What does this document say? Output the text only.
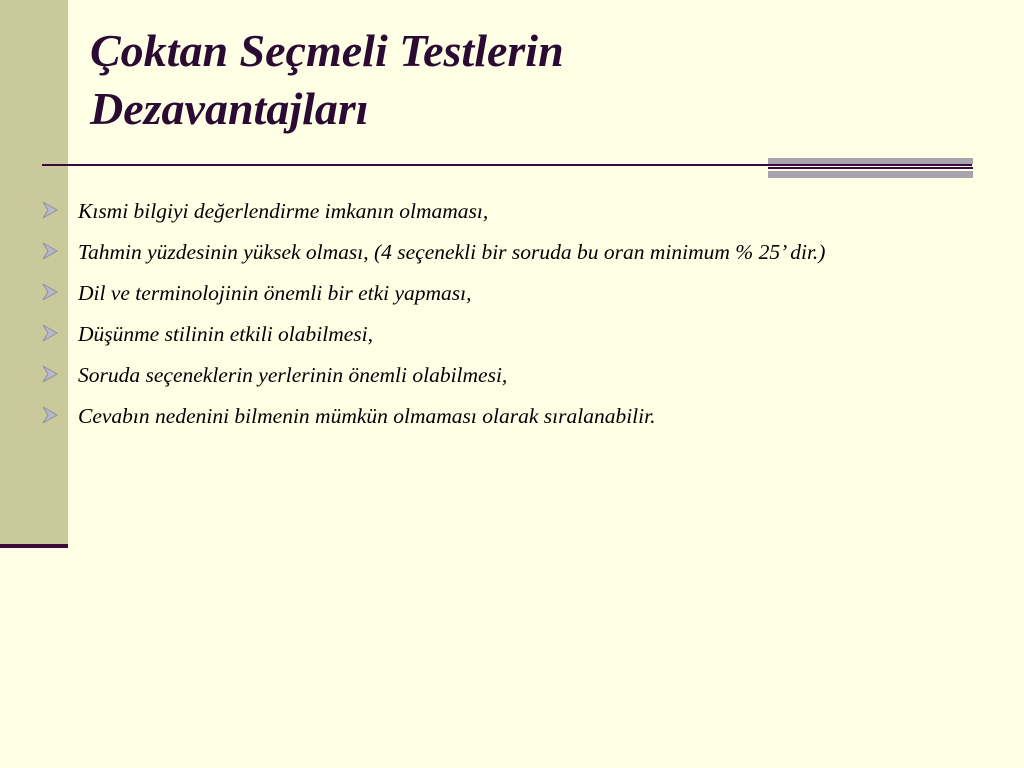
Çoktan Seçmeli Testlerin
Dezavantajları
Kısmi bilgiyi değerlendirme imkanın olmaması,
Tahmin yüzdesinin yüksek olması, (4 seçenekli bir soruda bu oran minimum % 25’ dir.)
Dil ve terminolojinin önemli bir etki yapması,
Düşünme stilinin etkili olabilmesi,
Soruda seçeneklerin yerlerinin önemli olabilmesi,
Cevabın nedenini bilmenin mümkün olmaması olarak sıralanabilir.
